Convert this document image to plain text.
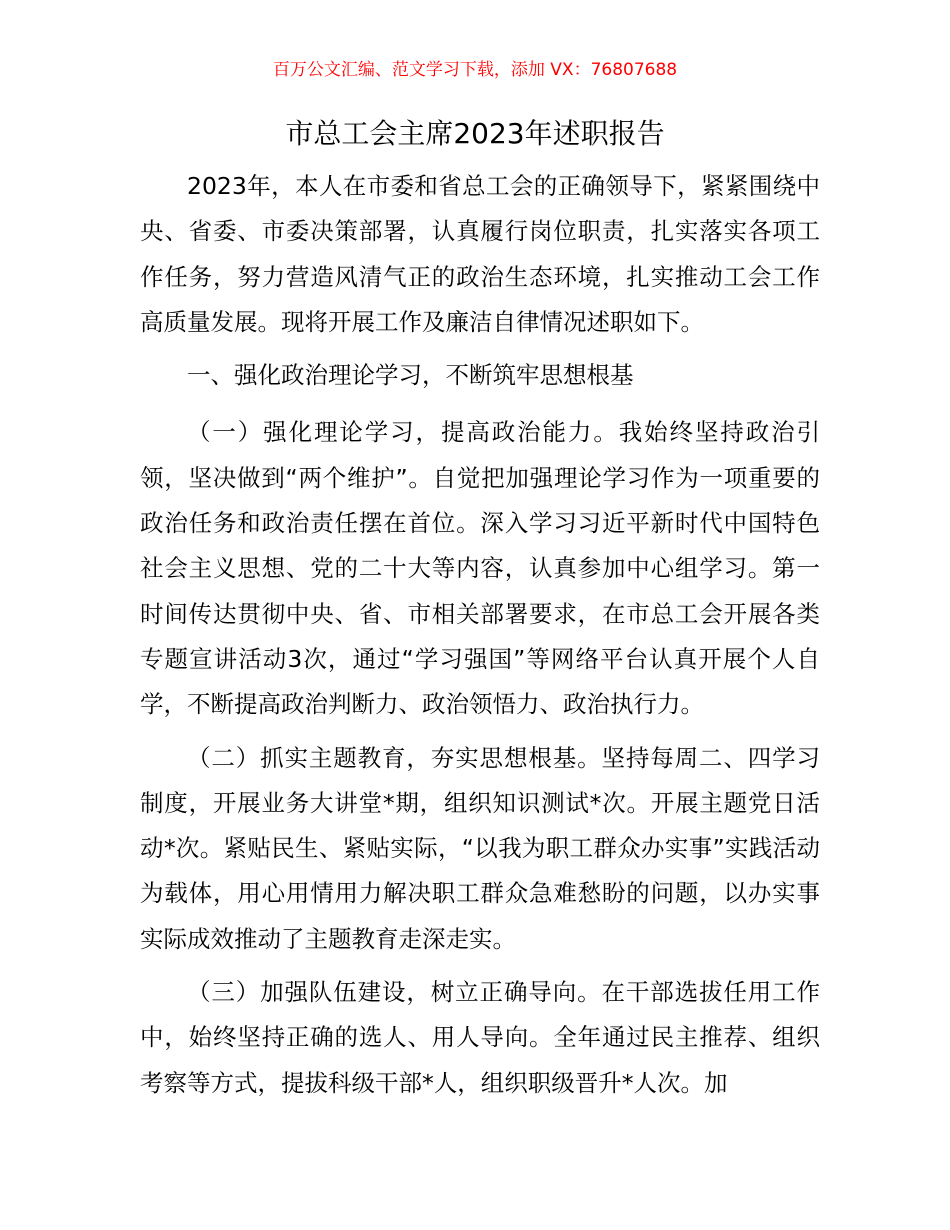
百万公文汇编、范文学习下载，添加 VX：76807688
市总工会主席2023年述职报告

2023年，本人在市委和省总工会的正确领导下，紧紧围绕中央、省委、市委决策部署，认真履行岗位职责，扎实落实各项工作任务，努力营造风清气正的政治生态环境，扎实推动工会工作高质量发展。现将开展工作及廉洁自律情况述职如下。

一、强化政治理论学习，不断筑牢思想根基

（一）强化理论学习，提高政治能力。我始终坚持政治引领，坚决做到“两个维护”。自觉把加强理论学习作为一项重要的政治任务和政治责任摆在首位。深入学习习近平新时代中国特色社会主义思想、党的二十大等内容，认真参加中心组学习。第一时间传达贯彻中央、省、市相关部署要求，在市总工会开展各类专题宣讲活动3次，通过“学习强国”等网络平台认真开展个人自学，不断提高政治判断力、政治领悟力、政治执行力。

（二）抓实主题教育，夯实思想根基。坚持每周二、四学习制度，开展业务大讲堂*期，组织知识测试*次。开展主题党日活动*次。紧贴民生、紧贴实际，“以我为职工群众办实事”实践活动为载体，用心用情用力解决职工群众急难愁盼的问题，以办实事实际成效推动了主题教育走深走实。

（三）加强队伍建设，树立正确导向。在干部选拔任用工作中，始终坚持正确的选人、用人导向。全年通过民主推荐、组织考察等方式，提拔科级干部*人，组织职级晋升*人次。加
